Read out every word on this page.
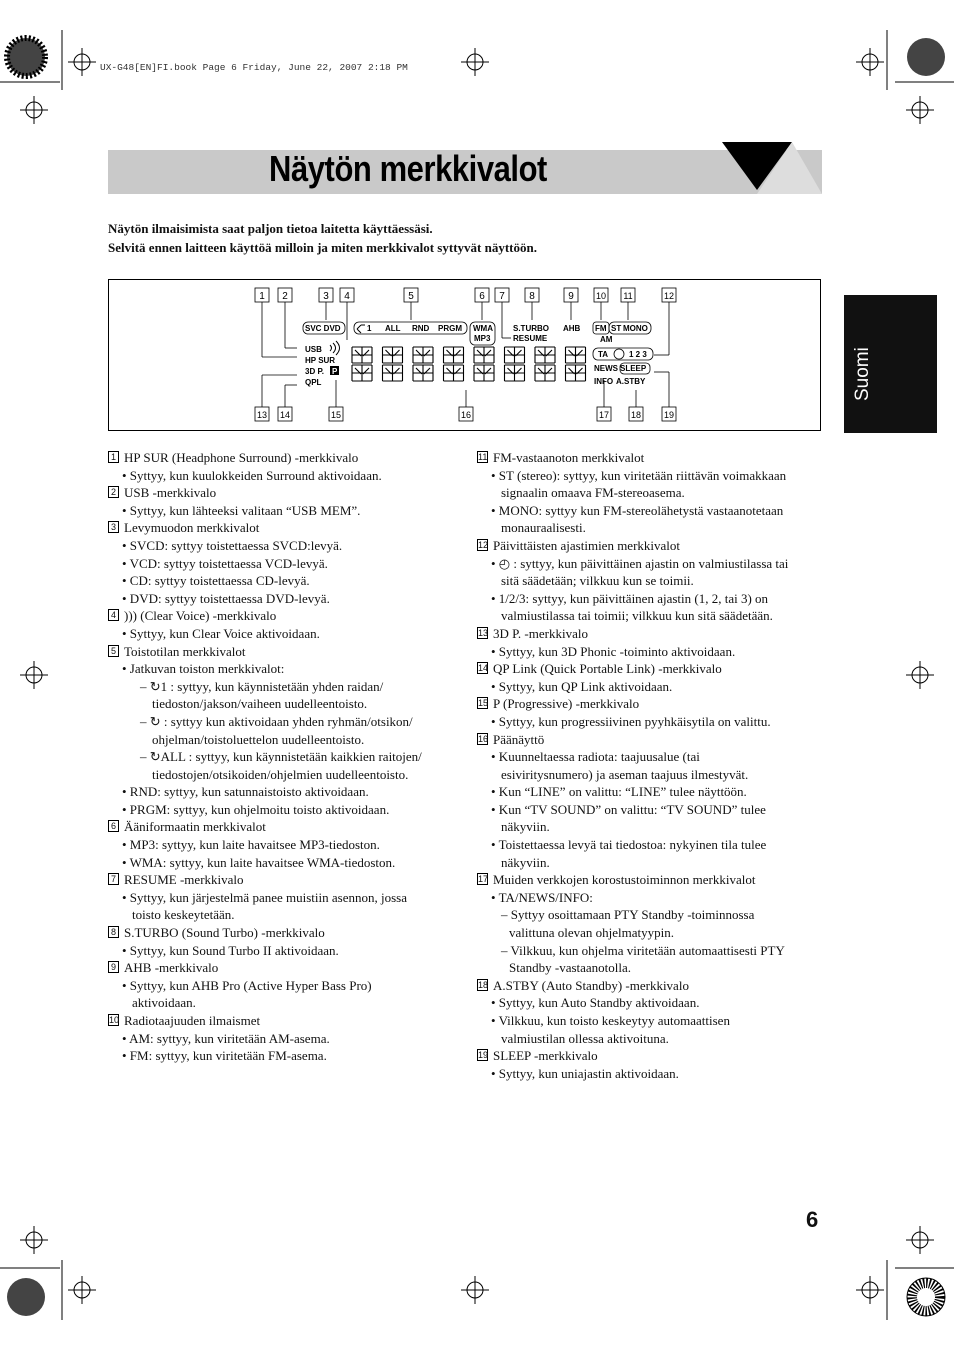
UX-G48[EN]FI.book Page 6 Friday, June 22, 2007 2:18 PM
Näytön merkkivalot
Näytön ilmaisimista saat paljon tietoa laitetta käyttäessäsi.
Selvitä ennen laitteen käyttöä milloin ja miten merkkivalot syttyvät näyttöön.
Suomi
1 2	3 4	5	6 7 8	9 10 11	12
13 14	15	16	17 18	19
SVC DVD
USB
HP SUR
3D P.
QPL
1 ALL RND PRGM WMA
MP3
S.TURBO
RESUME
AHB FM
AM
ST MONO
TA	1 2 3
NEWS SLEEP
INFO A.STBY
P
1 HP SUR (Headphone Surround) -merkkivalo
• Syttyy, kun kuulokkeiden Surround aktivoidaan.
2 USB -merkkivalo
• Syttyy, kun lähteeksi valitaan “USB MEM”.
3 Levymuodon merkkivalot
• SVCD: syttyy toistettaessa SVCD:levyä.
• VCD: syttyy toistettaessa VCD-levyä.
• CD: syttyy toistettaessa CD-levyä.
• DVD: syttyy toistettaessa DVD-levyä.
4 ))) (Clear Voice) -merkkivalo
• Syttyy, kun Clear Voice aktivoidaan.
5 Toistotilan merkkivalot
• Jatkuvan toiston merkkivalot:
– ↻1 : syttyy, kun käynnistetään yhden raidan/
tiedoston/jakson/vaiheen uudelleentoisto.
– ↻ : syttyy kun aktivoidaan yhden ryhmän/otsikon/
ohjelman/toistoluettelon uudelleentoisto.
– ↻ALL : syttyy, kun käynnistetään kaikkien raitojen/
tiedostojen/otsikoiden/ohjelmien uudelleentoisto.
• RND: syttyy, kun satunnaistoisto aktivoidaan.
• PRGM: syttyy, kun ohjelmoitu toisto aktivoidaan.
6 Ääniformaatin merkkivalot
• MP3: syttyy, kun laite havaitsee MP3-tiedoston.
• WMA: syttyy, kun laite havaitsee WMA-tiedoston.
7 RESUME -merkkivalo
• Syttyy, kun järjestelmä panee muistiin asennon, jossa
toisto keskeytetään.
8 S.TURBO (Sound Turbo) -merkkivalo
• Syttyy, kun Sound Turbo II aktivoidaan.
9 AHB -merkkivalo
• Syttyy, kun AHB Pro (Active Hyper Bass Pro)
aktivoidaan.
10 Radiotaajuuden ilmaismet
• AM: syttyy, kun viritetään AM-asema.
• FM: syttyy, kun viritetään FM-asema.
11 FM-vastaanoton merkkivalot
• ST (stereo): syttyy, kun viritetään riittävän voimakkaan
signaalin omaava FM-stereoasema.
• MONO: syttyy kun FM-stereolähetystä vastaanotetaan
monauraalisesti.
12 Päivittäisten ajastimien merkkivalot
• ◴ : syttyy, kun päivittäinen ajastin on valmiustilassa tai
sitä säädetään; vilkkuu kun se toimii.
• 1/2/3: syttyy, kun päivittäinen ajastin (1, 2, tai 3) on
valmiustilassa tai toimii; vilkkuu kun sitä säädetään.
13 3D P. -merkkivalo
• Syttyy, kun 3D Phonic -toiminto aktivoidaan.
14 QP Link (Quick Portable Link) -merkkivalo
• Syttyy, kun QP Link aktivoidaan.
15 P (Progressive) -merkkivalo
• Syttyy, kun progressiivinen pyyhkäisytila on valittu.
16 Päänäyttö
• Kuunneltaessa radiota: taajuusalue (tai
esiviritysnumero) ja aseman taajuus ilmestyvät.
• Kun “LINE” on valittu: “LINE” tulee näyttöön.
• Kun “TV SOUND” on valittu: “TV SOUND” tulee
näkyviin.
• Toistettaessa levyä tai tiedostoa: nykyinen tila tulee
näkyviin.
17 Muiden verkkojen korostustoiminnon merkkivalot
• TA/NEWS/INFO:
– Syttyy osoittamaan PTY Standby -toiminnossa
valittuna olevan ohjelmatyypin.
– Vilkkuu, kun ohjelma viritetään automaattisesti PTY
Standby -vastaanotolla.
18 A.STBY (Auto Standby) -merkkivalo
• Syttyy, kun Auto Standby aktivoidaan.
• Vilkkuu, kun toisto keskeytyy automaattisen
valmiustilan ollessa aktivoituna.
19 SLEEP -merkkivalo
• Syttyy, kun uniajastin aktivoidaan.
6
